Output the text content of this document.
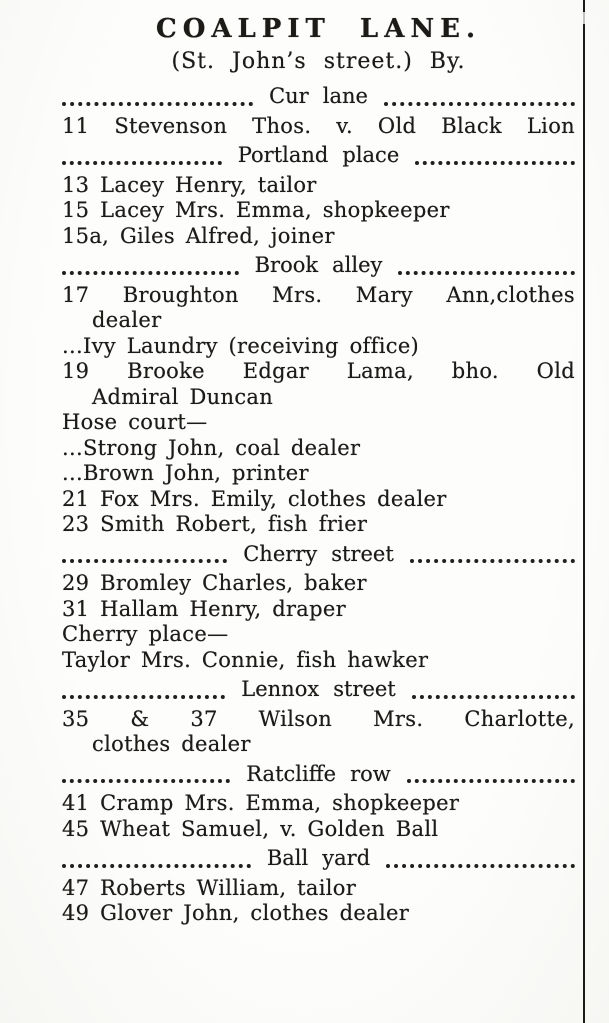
COALPIT LANE.
(St. John’s street.) By.
Cur lane
11 Stevenson Thos. v. Old Black Lion
Portland place
13 Lacey Henry, tailor
15 Lacey Mrs. Emma, shopkeeper
15a, Giles Alfred, joiner
Brook alley
17 Broughton Mrs. Mary Ann,clothes
dealer
...Ivy Laundry (receiving office)
19 Brooke Edgar Lama, bho. Old
Admiral Duncan
Hose court—
...Strong John, coal dealer
...Brown John, printer
21 Fox Mrs. Emily, clothes dealer
23 Smith Robert, fish frier
Cherry street
29 Bromley Charles, baker
31 Hallam Henry, draper
Cherry place—
Taylor Mrs. Connie, fish hawker
Lennox street
35 & 37 Wilson Mrs. Charlotte,
clothes dealer
Ratcliffe row
41 Cramp Mrs. Emma, shopkeeper
45 Wheat Samuel, v. Golden Ball
Ball yard
47 Roberts William, tailor
49 Glover John, clothes dealer
